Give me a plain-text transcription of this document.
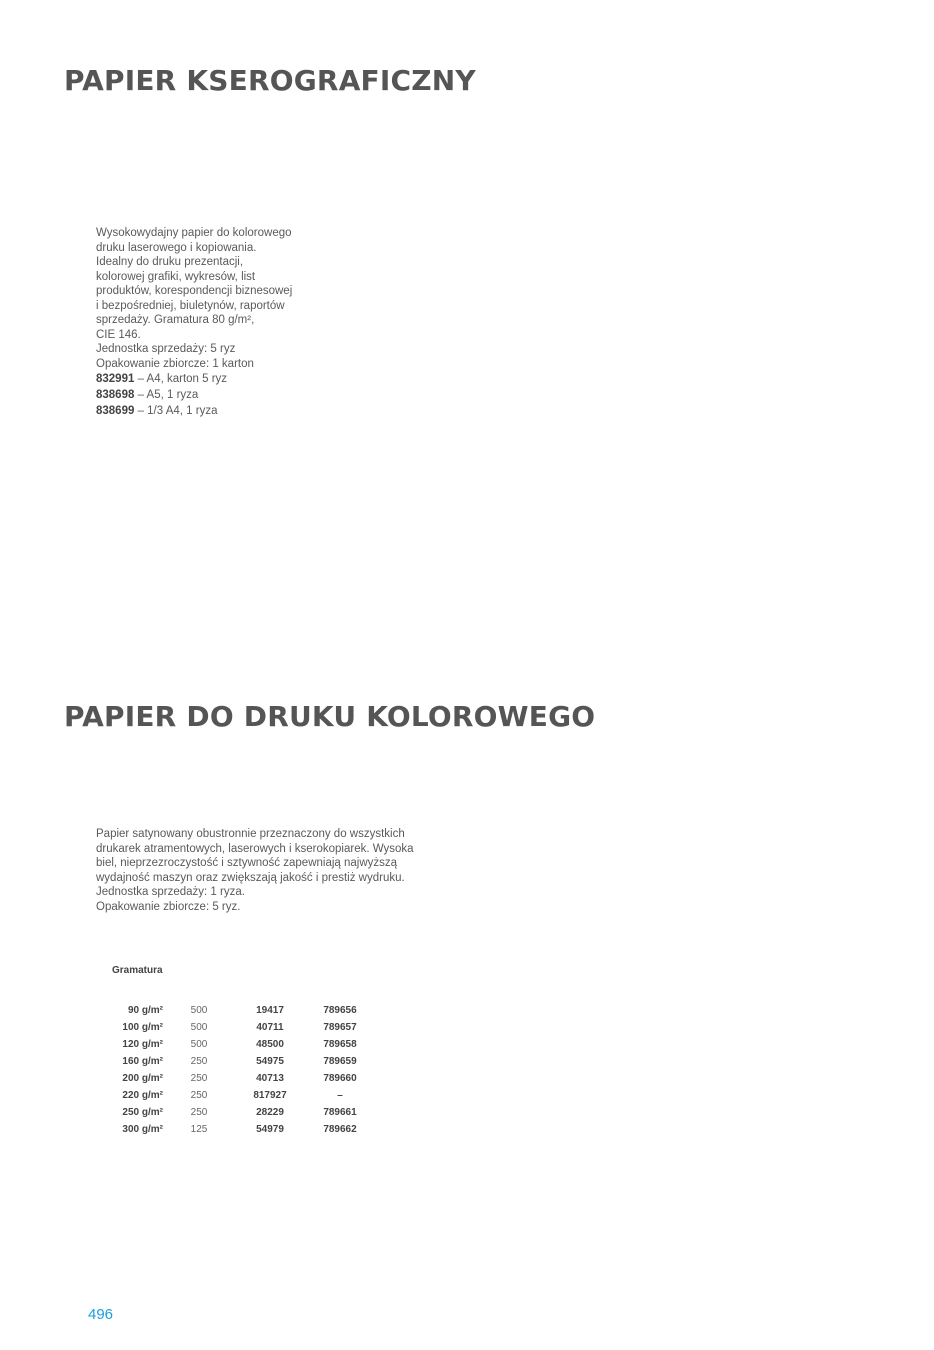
PAPIER KSEROGRAFICZNY
Wysokowydajny papier do kolorowego
druku laserowego i kopiowania.
Idealny do druku prezentacji,
kolorowej grafiki, wykresów, list
produktów, korespondencji biznesowej
i bezpośredniej, biuletynów, raportów
sprzedaży. Gramatura 80 g/m²,
CIE 146.
Jednostka sprzedaży: 5 ryz
Opakowanie zbiorcze: 1 karton
832991 – A4, karton 5 ryz
838698 – A5, 1 ryza
838699 – 1/3 A4, 1 ryza
PAPIER DO DRUKU KOLOROWEGO
Papier satynowany obustronnie przeznaczony do wszystkich
drukarek atramentowych, laserowych i kserokopiarek. Wysoka
biel, nieprzezroczystość i sztywność zapewniają najwyższą
wydajność maszyn oraz zwiększają jakość i prestiż wydruku.
Jednostka sprzedaży: 1 ryza.
Opakowanie zbiorcze: 5 ryz.
Gramatura
90 g/m²	500	19417	789656
100 g/m²	500	40711	789657
120 g/m²	500	48500	789658
160 g/m²	250	54975	789659
200 g/m²	250	40713	789660
220 g/m²	250	817927	–
250 g/m²	250	28229	789661
300 g/m²	125	54979	789662
496
